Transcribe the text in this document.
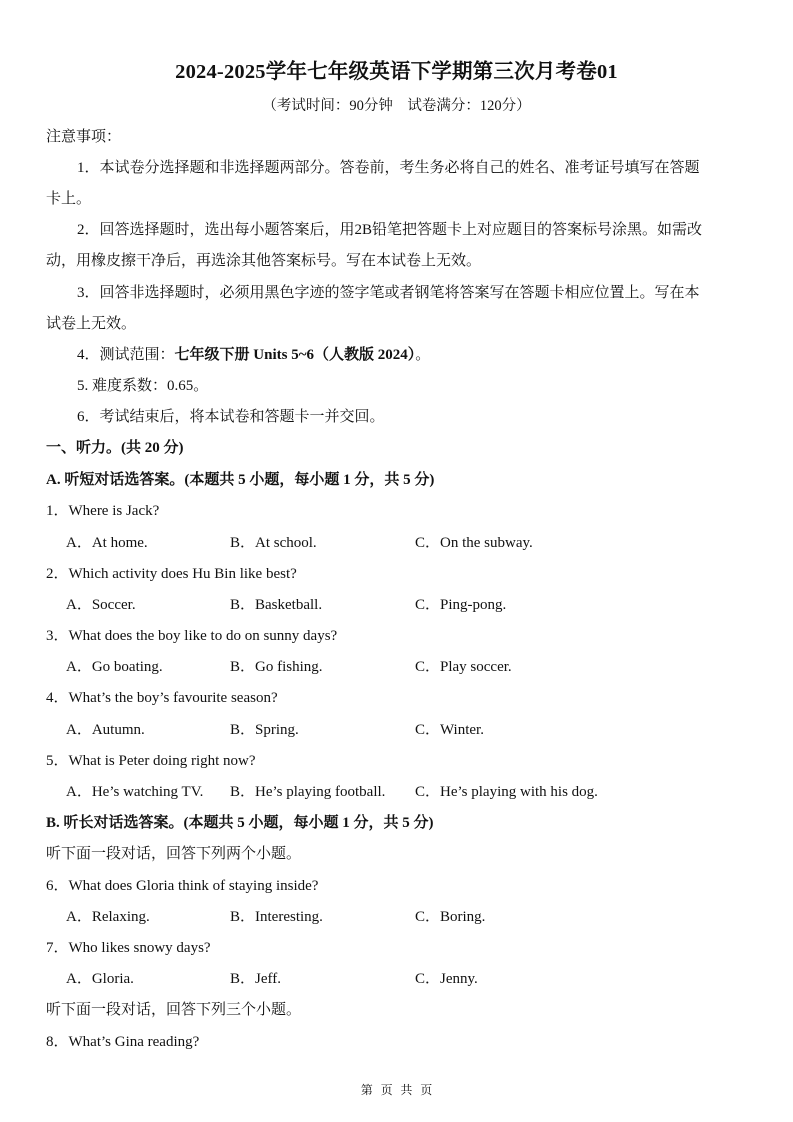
2024-2025学年七年级英语下学期第三次月考卷01
（考试时间：90分钟　试卷满分：120分）
注意事项：
1．本试卷分选择题和非选择题两部分。答卷前，考生务必将自己的姓名、准考证号填写在答题
卡上。
2．回答选择题时，选出每小题答案后，用2B铅笔把答题卡上对应题目的答案标号涂黑。如需改
动，用橡皮擦干净后，再选涂其他答案标号。写在本试卷上无效。
3．回答非选择题时，必须用黑色字迹的签字笔或者钢笔将答案写在答题卡相应位置上。写在本
试卷上无效。
4．测试范围：七年级下册 Units 5~6（人教版 2024）。
5. 难度系数：0.65。
6．考试结束后，将本试卷和答题卡一并交回。
一、听力。(共 20 分)
A. 听短对话选答案。(本题共 5 小题，每小题 1 分，共 5 分)
1．Where is Jack?
A．At home.	B．At school.	C．On the subway.
2．Which activity does Hu Bin like best?
A．Soccer.	B．Basketball.	C．Ping-pong.
3．What does the boy like to do on sunny days?
A．Go boating.	B．Go fishing.	C．Play soccer.
4．What’s the boy’s favourite season?
A．Autumn.	B．Spring.	C．Winter.
5．What is Peter doing right now?
A．He’s watching TV. B．He’s playing football. C．He’s playing with his dog.
B. 听长对话选答案。(本题共 5 小题，每小题 1 分，共 5 分)
听下面一段对话，回答下列两个小题。
6．What does Gloria think of staying inside?
A．Relaxing.	B．Interesting.	C．Boring.
7．Who likes snowy days?
A．Gloria.	B．Jeff.	C．Jenny.
听下面一段对话，回答下列三个小题。
8．What’s Gina reading?
第 页 共 页
